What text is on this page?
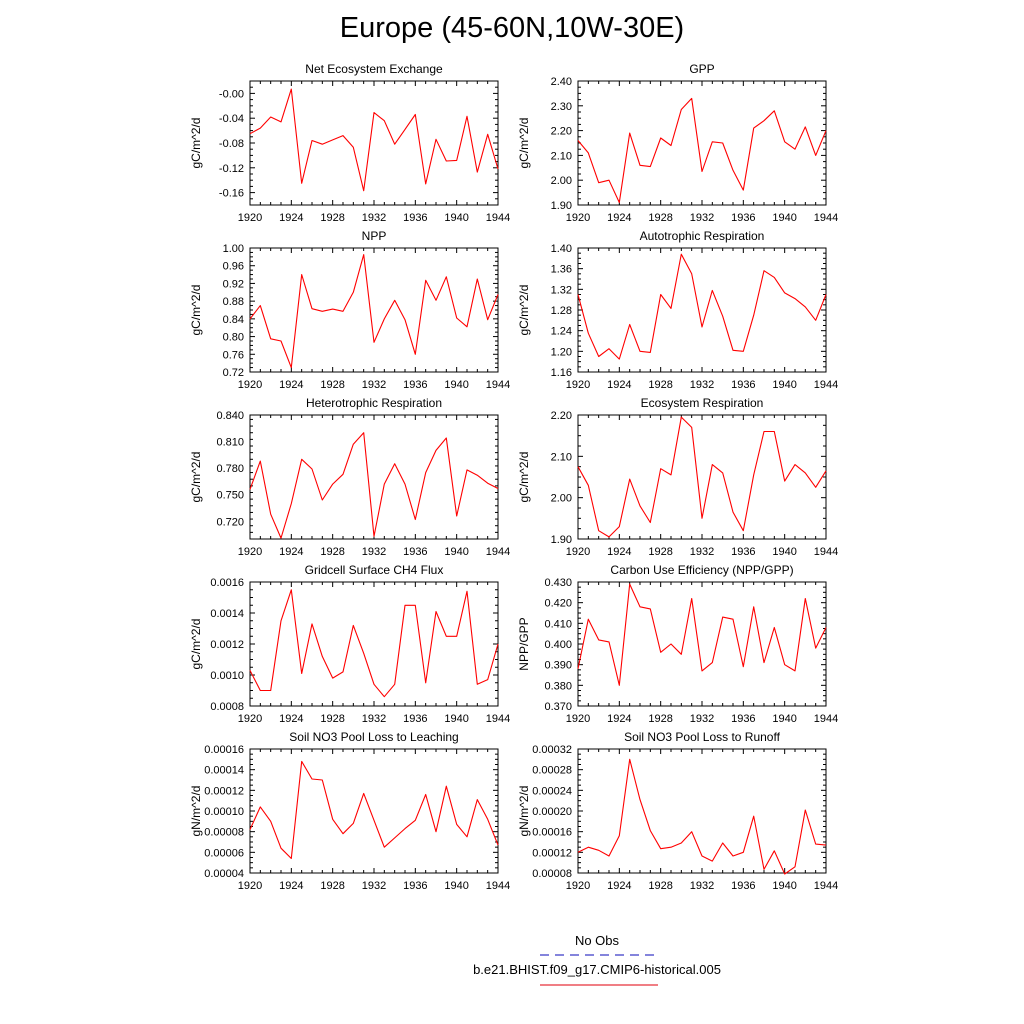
Europe (45-60N,10W-30E)
1920 1924 1928 1932 1936 1940 1944
-0.16
-0.12
-0.08
-0.04
-0.00
Net Ecosystem Exchange
gC/m^2/d
1920 1924 1928 1932 1936 1940 1944
1.90
2.00
2.10
2.20
2.30
2.40
GPP
gC/m^2/d
1920 1924 1928 1932 1936 1940 1944
0.72
0.76
0.80
0.84
0.88
0.92
0.96
1.00
NPP
gC/m^2/d
1920 1924 1928 1932 1936 1940 1944
1.16
1.20
1.24
1.28
1.32
1.36
1.40
Autotrophic Respiration
gC/m^2/d
1920 1924 1928 1932 1936 1940 1944
0.720
0.750
0.780
0.810
0.840
Heterotrophic Respiration
gC/m^2/d
1920 1924 1928 1932 1936 1940 1944
1.90
2.00
2.10
2.20
Ecosystem Respiration
gC/m^2/d
1920 1924 1928 1932 1936 1940 1944
0.0008
0.0010
0.0012
0.0014
0.0016
Gridcell Surface CH4 Flux
gC/m^2/d
1920 1924 1928 1932 1936 1940 1944
0.370
0.380
0.390
0.400
0.410
0.420
0.430
Carbon Use Efficiency (NPP/GPP)
NPP/GPP
1920 1924 1928 1932 1936 1940 1944
0.00004
0.00006
0.00008
0.00010
0.00012
0.00014
0.00016
Soil NO3 Pool Loss to Leaching
gN/m^2/d
1920 1924 1928 1932 1936 1940 1944
0.00008
0.00012
0.00016
0.00020
0.00024
0.00028
0.00032
Soil NO3 Pool Loss to Runoff
gN/m^2/d
No Obs
b.e21.BHIST.f09_g17.CMIP6-historical.005
